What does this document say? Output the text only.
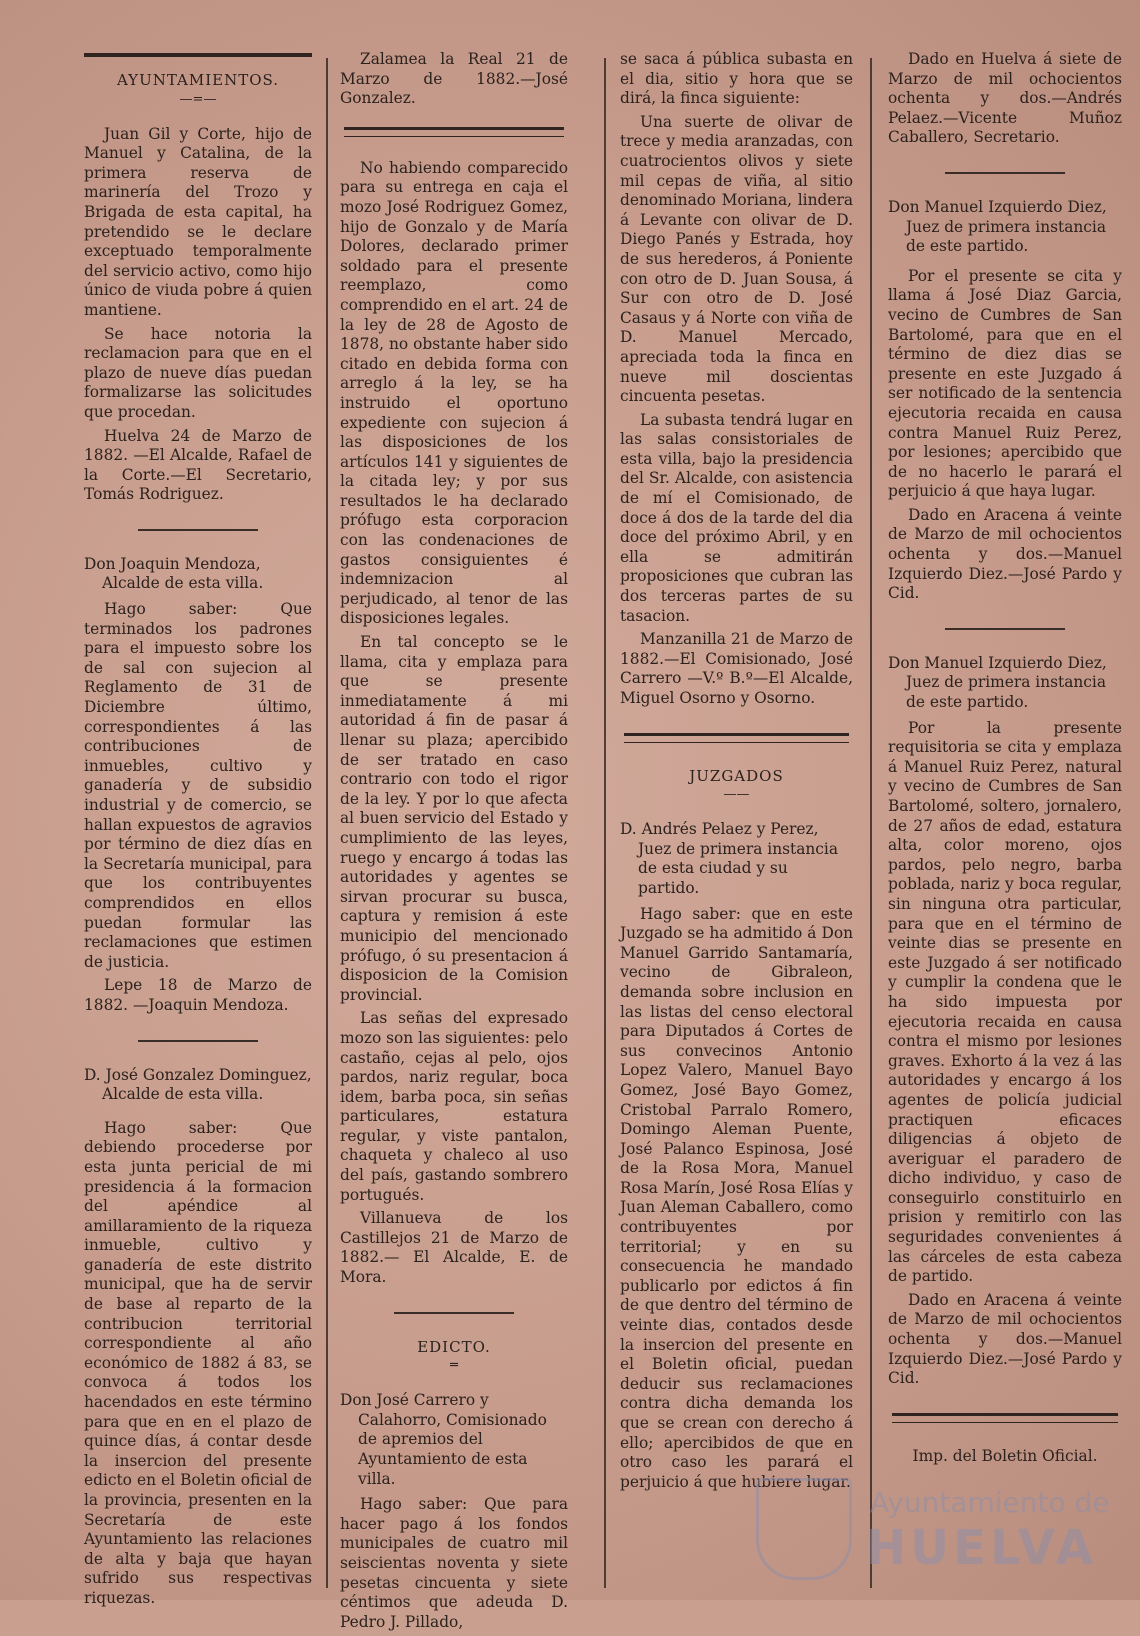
AYUNTAMIENTOS.
—=—

Juan Gil y Corte, hijo de Manuel y Catalina, de la primera reserva de marinería del Trozo y Brigada de esta capital, ha pretendido se le declare exceptuado temporalmente del servicio activo, como hijo único de viuda pobre á quien mantiene.

Se hace notoria la reclamacion para que en el plazo de nueve días puedan formalizarse las solicitudes que procedan.

Huelva 24 de Marzo de 1882. —El Alcalde, Rafael de la Corte.—El Secretario, Tomás Rodriguez.

Don Joaquin Mendoza, Alcalde de esta villa.

Hago saber: Que terminados los padrones para el impuesto sobre los de sal con sujecion al Reglamento de 31 de Diciembre último, correspondientes á las contribuciones de inmuebles, cultivo y ganadería y de subsidio industrial y de comercio, se hallan expuestos de agravios por término de diez días en la Secretaría municipal, para que los contribuyentes comprendidos en ellos puedan formular las reclamaciones que estimen de justicia.

Lepe 18 de Marzo de 1882. —Joaquin Mendoza.

D. José Gonzalez Dominguez, Alcalde de esta villa.

Hago saber: Que debiendo procederse por esta junta pericial de mi presidencia á la formacion del apéndice al amillaramiento de la riqueza inmueble, cultivo y ganadería de este distrito municipal, que ha de servir de base al reparto de la contribucion territorial correspondiente al año económico de 1882 á 83, se convoca á todos los hacendados en este término para que en en el plazo de quince días, á contar desde la insercion del presente edicto en el Boletin oficial de la provincia, presenten en la Secretaría de este Ayuntamiento las relaciones de alta y baja que hayan sufrido sus respectivas riquezas.

Zalamea la Real 21 de Marzo de 1882.—José Gonzalez.

No habiendo comparecido para su entrega en caja el mozo José Rodriguez Gomez, hijo de Gonzalo y de María Dolores, declarado primer soldado para el presente reemplazo, como comprendido en el art. 24 de la ley de 28 de Agosto de 1878, no obstante haber sido citado en debida forma con arreglo á la ley, se ha instruido el oportuno expediente con sujecion á las disposiciones de los artículos 141 y siguientes de la citada ley; y por sus resultados le ha declarado prófugo esta corporacion con las condenaciones de gastos consiguientes é indemnizacion al perjudicado, al tenor de las disposiciones legales.

En tal concepto se le llama, cita y emplaza para que se presente inmediatamente á mi autoridad á fin de pasar á llenar su plaza; apercibido de ser tratado en caso contrario con todo el rigor de la ley. Y por lo que afecta al buen servicio del Estado y cumplimiento de las leyes, ruego y encargo á todas las autoridades y agentes se sirvan procurar su busca, captura y remision á este municipio del mencionado prófugo, ó su presentacion á disposicion de la Comision provincial.

Las señas del expresado mozo son las siguientes: pelo castaño, cejas al pelo, ojos pardos, nariz regular, boca idem, barba poca, sin señas particulares, estatura regular, y viste pantalon, chaqueta y chaleco al uso del país, gastando sombrero portugués.

Villanueva de los Castillejos 21 de Marzo de 1882.— El Alcalde, E. de Mora.

EDICTO.
═

Don José Carrero y Calahorro, Comisionado de apremios del Ayuntamiento de esta villa.

Hago saber: Que para hacer pago á los fondos municipales de cuatro mil seiscientas noventa y siete pesetas cincuenta y siete céntimos que adeuda D. Pedro J. Pillado,

se saca á pública subasta en el dia, sitio y hora que se dirá, la finca siguiente:

Una suerte de olivar de trece y media aranzadas, con cuatrocientos olivos y siete mil cepas de viña, al sitio denominado Moriana, lindera á Levante con olivar de D. Diego Panés y Estrada, hoy de sus herederos, á Poniente con otro de D. Juan Sousa, á Sur con otro de D. José Casaus y á Norte con viña de D. Manuel Mercado, apreciada toda la finca en nueve mil doscientas cincuenta pesetas.

La subasta tendrá lugar en las salas consistoriales de esta villa, bajo la presidencia del Sr. Alcalde, con asistencia de mí el Comisionado, de doce á dos de la tarde del dia doce del próximo Abril, y en ella se admitirán proposiciones que cubran las dos terceras partes de su tasacion.

Manzanilla 21 de Marzo de 1882.—El Comisionado, José Carrero —V.º B.º—El Alcalde, Miguel Osorno y Osorno.

JUZGADOS
——

D. Andrés Pelaez y Perez, Juez de primera instancia de esta ciudad y su partido.

Hago saber: que en este Juzgado se ha admitido á Don Manuel Garrido Santamaría, vecino de Gibraleon, demanda sobre inclusion en las listas del censo electoral para Diputados á Cortes de sus convecinos Antonio Lopez Valero, Manuel Bayo Gomez, José Bayo Gomez, Cristobal Parralo Romero, Domingo Aleman Puente, José Palanco Espinosa, José de la Rosa Mora, Manuel Rosa Marín, José Rosa Elías y Juan Aleman Caballero, como contribuyentes por territorial; y en su consecuencia he mandado publicarlo por edictos á fin de que dentro del término de veinte dias, contados desde la insercion del presente en el Boletin oficial, puedan deducir sus reclamaciones contra dicha demanda los que se crean con derecho á ello; apercibidos de que en otro caso les parará el perjuicio á que hubiere lugar.

Dado en Huelva á siete de Marzo de mil ochocientos ochenta y dos.—Andrés Pelaez.—Vicente Muñoz Caballero, Secretario.

Don Manuel Izquierdo Diez, Juez de primera instancia de este partido.

Por el presente se cita y llama á José Diaz Garcia, vecino de Cumbres de San Bartolomé, para que en el término de diez dias se presente en este Juzgado á ser notificado de la sentencia ejecutoria recaida en causa contra Manuel Ruiz Perez, por lesiones; apercibido que de no hacerlo le parará el perjuicio á que haya lugar.

Dado en Aracena á veinte de Marzo de mil ochocientos ochenta y dos.—Manuel Izquierdo Diez.—José Pardo y Cid.

Don Manuel Izquierdo Diez, Juez de primera instancia de este partido.

Por la presente requisitoria se cita y emplaza á Manuel Ruiz Perez, natural y vecino de Cumbres de San Bartolomé, soltero, jornalero, de 27 años de edad, estatura alta, color moreno, ojos pardos, pelo negro, barba poblada, nariz y boca regular, sin ninguna otra particular, para que en el término de veinte dias se presente en este Juzgado á ser notificado y cumplir la condena que le ha sido impuesta por ejecutoria recaida en causa contra el mismo por lesiones graves. Exhorto á la vez á las autoridades y encargo á los agentes de policía judicial practiquen eficaces diligencias á objeto de averiguar el paradero de dicho individuo, y caso de conseguirlo constituirlo en prision y remitirlo con las seguridades convenientes á las cárceles de esta cabeza de partido.

Dado en Aracena á veinte de Marzo de mil ochocientos ochenta y dos.—Manuel Izquierdo Diez.—José Pardo y Cid.

Imp. del Boletin Oficial.

Ayuntamiento de
HUELVA
